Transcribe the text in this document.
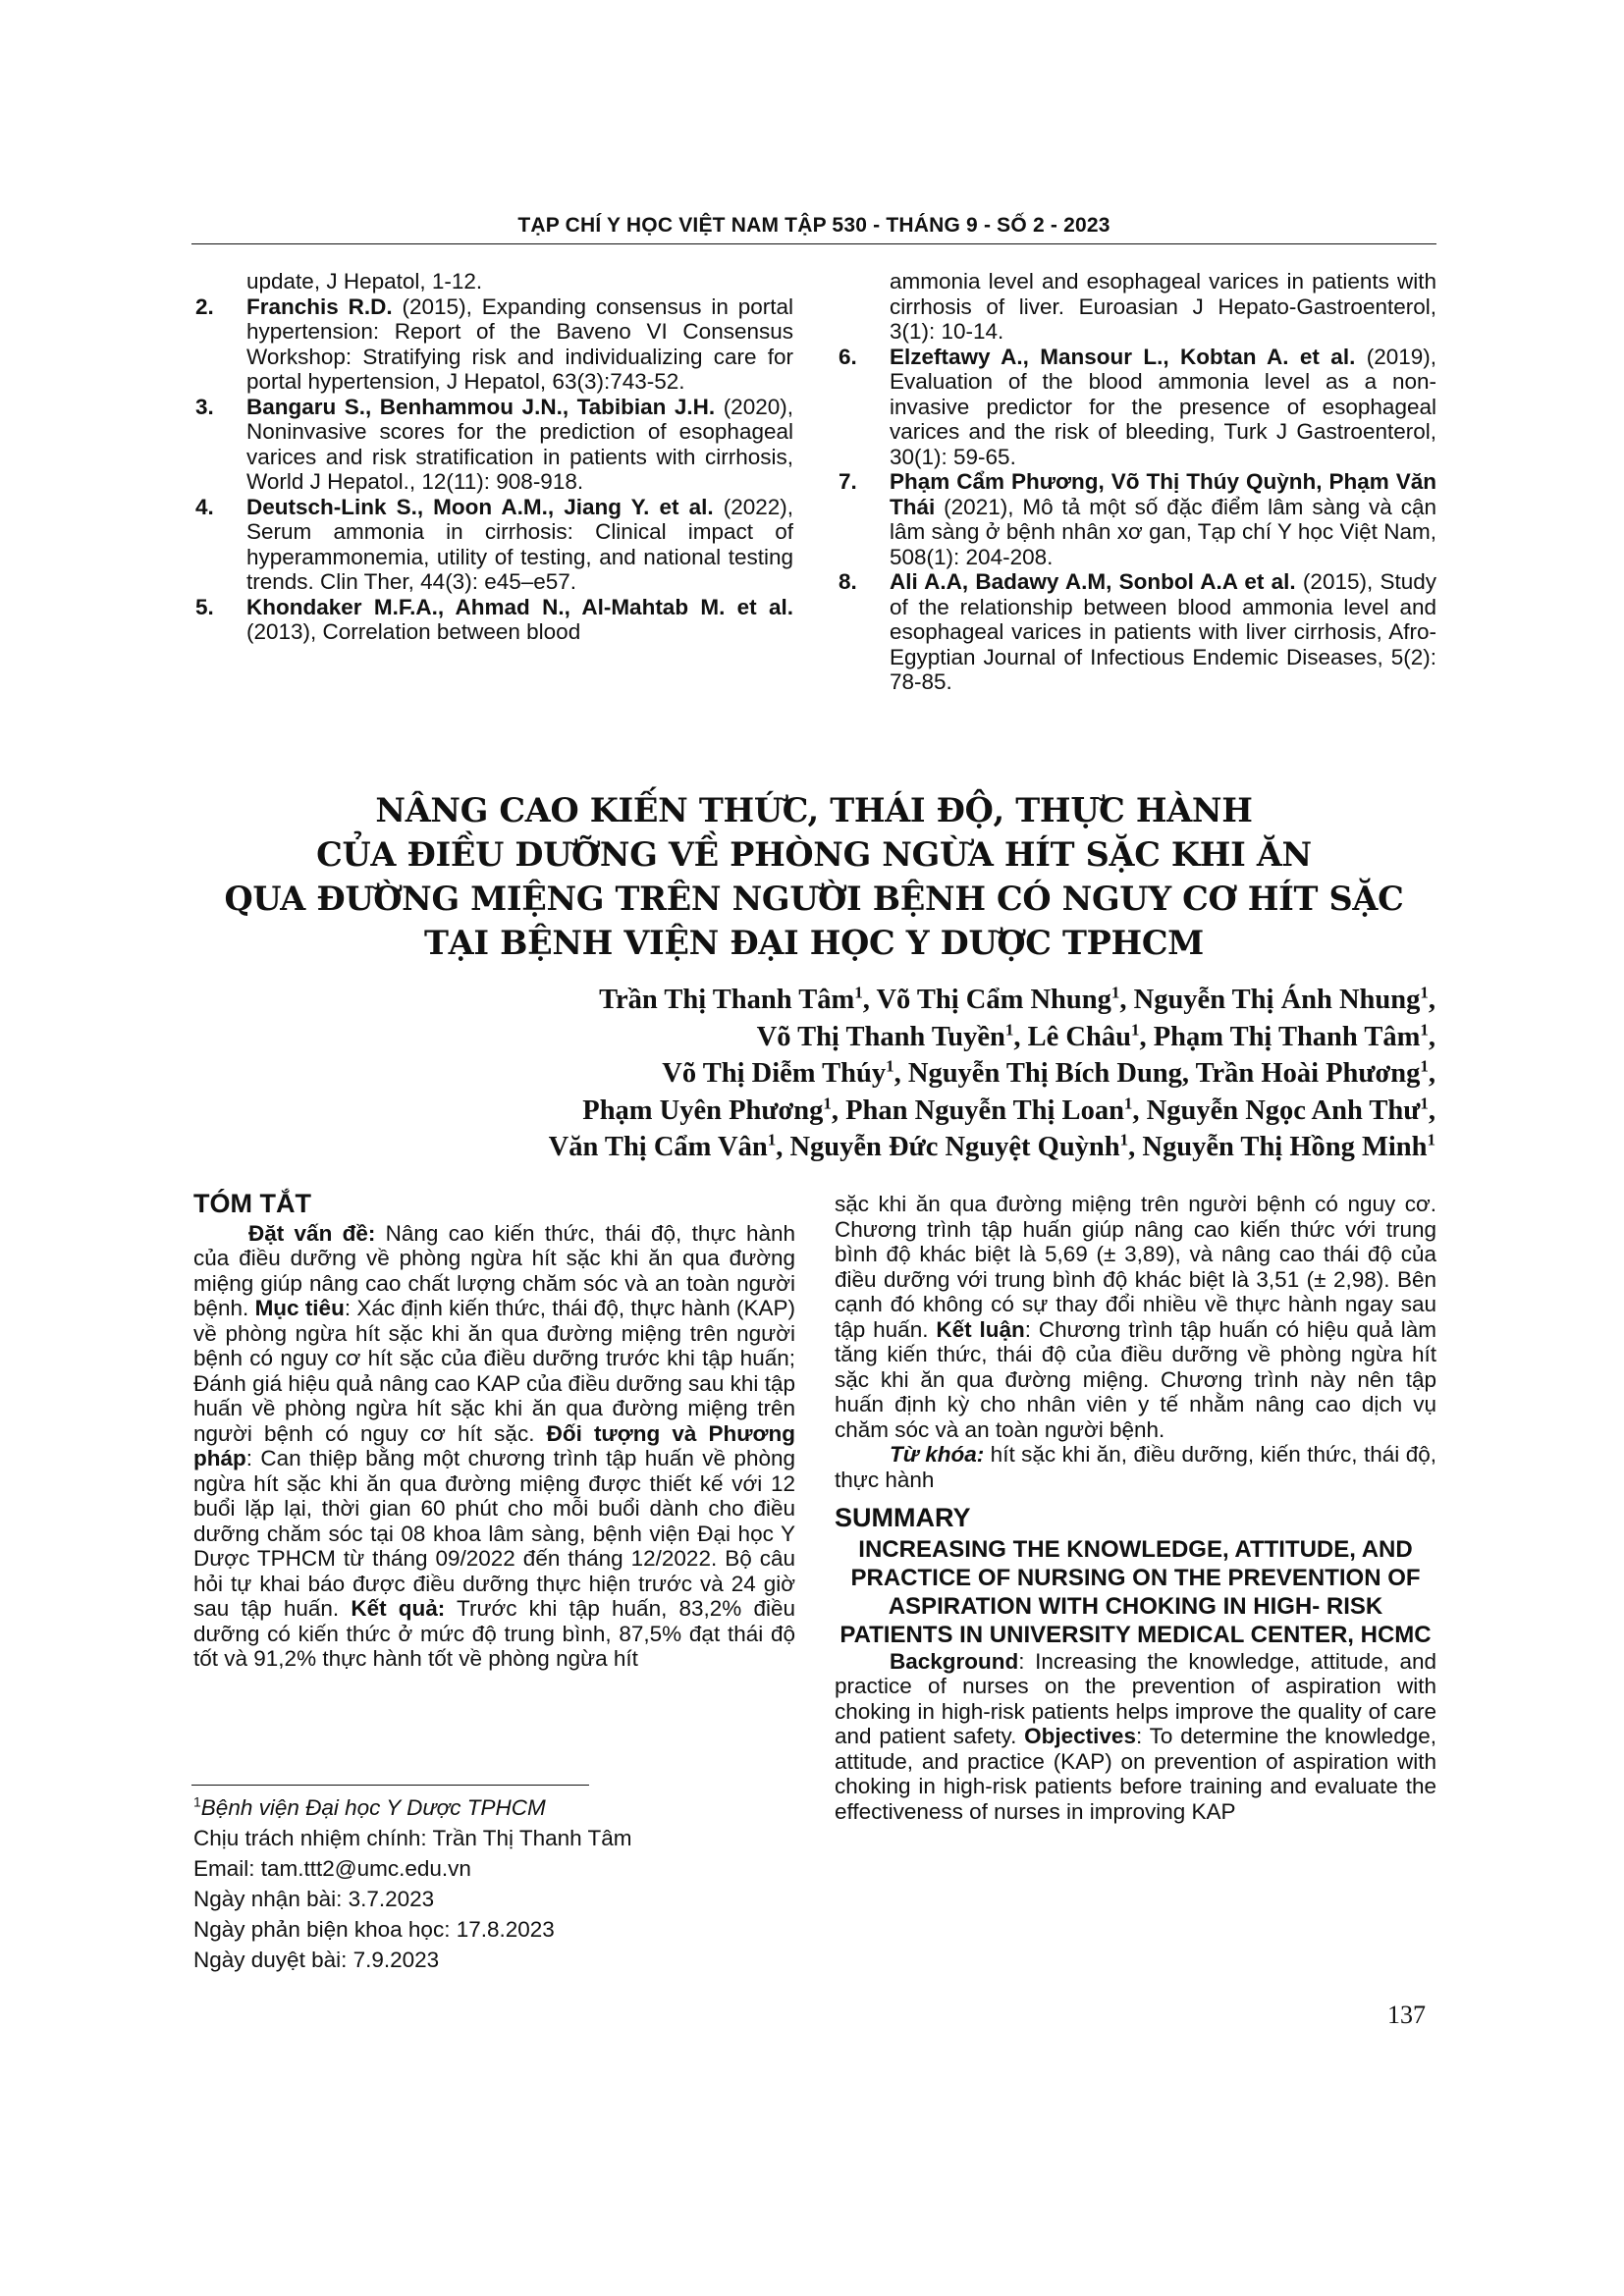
TẠP CHÍ Y HỌC VIỆT NAM TẬP 530 - THÁNG 9 - SỐ 2 - 2023
update, J Hepatol, 1-12.
2. Franchis R.D. (2015), Expanding consensus in portal hypertension: Report of the Baveno VI Consensus Workshop: Stratifying risk and individualizing care for portal hypertension, J Hepatol, 63(3):743-52.
3. Bangaru S., Benhammou J.N., Tabibian J.H. (2020), Noninvasive scores for the prediction of esophageal varices and risk stratification in patients with cirrhosis, World J Hepatol., 12(11): 908-918.
4. Deutsch-Link S., Moon A.M., Jiang Y. et al. (2022), Serum ammonia in cirrhosis: Clinical impact of hyperammonemia, utility of testing, and national testing trends. Clin Ther, 44(3): e45–e57.
5. Khondaker M.F.A., Ahmad N., Al-Mahtab M. et al. (2013), Correlation between blood
ammonia level and esophageal varices in patients with cirrhosis of liver. Euroasian J Hepato-Gastroenterol, 3(1): 10-14.
6. Elzeftawy A., Mansour L., Kobtan A. et al. (2019), Evaluation of the blood ammonia level as a non-invasive predictor for the presence of esophageal varices and the risk of bleeding, Turk J Gastroenterol, 30(1): 59-65.
7. Phạm Cẩm Phương, Võ Thị Thúy Quỳnh, Phạm Văn Thái (2021), Mô tả một số đặc điểm lâm sàng và cận lâm sàng ở bệnh nhân xơ gan, Tạp chí Y học Việt Nam, 508(1): 204-208.
8. Ali A.A, Badawy A.M, Sonbol A.A et al. (2015), Study of the relationship between blood ammonia level and esophageal varices in patients with liver cirrhosis, Afro-Egyptian Journal of Infectious Endemic Diseases, 5(2): 78-85.
NÂNG CAO KIẾN THỨC, THÁI ĐỘ, THỰC HÀNH
CỦA ĐIỀU DƯỠNG VỀ PHÒNG NGỪA HÍT SẶC KHI ĂN
QUA ĐƯỜNG MIỆNG TRÊN NGƯỜI BỆNH CÓ NGUY CƠ HÍT SẶC
TẠI BỆNH VIỆN ĐẠI HỌC Y DƯỢC TPHCM
Trần Thị Thanh Tâm$^1$, Võ Thị Cẩm Nhung$^1$, Nguyễn Thị Ánh Nhung$^1$,
Võ Thị Thanh Tuyền$^1$, Lê Châu$^1$, Phạm Thị Thanh Tâm$^1$,
Võ Thị Diễm Thúy$^1$, Nguyễn Thị Bích Dung, Trần Hoài Phương$^1$,
Phạm Uyên Phương$^1$, Phan Nguyễn Thị Loan$^1$, Nguyễn Ngọc Anh Thư$^1$,
Văn Thị Cẩm Vân$^1$, Nguyễn Đức Nguyệt Quỳnh$^1$, Nguyễn Thị Hồng Minh$^1$
TÓM TẮT

Đặt vấn đề: Nâng cao kiến thức, thái độ, thực hành của điều dưỡng về phòng ngừa hít sặc khi ăn qua đường miệng giúp nâng cao chất lượng chăm sóc và an toàn người bệnh. Mục tiêu: Xác định kiến thức, thái độ, thực hành (KAP) về phòng ngừa hít sặc khi ăn qua đường miệng trên người bệnh có nguy cơ hít sặc của điều dưỡng trước khi tập huấn; Đánh giá hiệu quả nâng cao KAP của điều dưỡng sau khi tập huấn về phòng ngừa hít sặc khi ăn qua đường miệng trên người bệnh có nguy cơ hít sặc. Đối tượng và Phương pháp: Can thiệp bằng một chương trình tập huấn về phòng ngừa hít sặc khi ăn qua đường miệng được thiết kế với 12 buổi lặp lại, thời gian 60 phút cho mỗi buổi dành cho điều dưỡng chăm sóc tại 08 khoa lâm sàng, bệnh viện Đại học Y Dược TPHCM từ tháng 09/2022 đến tháng 12/2022. Bộ câu hỏi tự khai báo được điều dưỡng thực hiện trước và 24 giờ sau tập huấn. Kết quả: Trước khi tập huấn, 83,2% điều dưỡng có kiến thức ở mức độ trung bình, 87,5% đạt thái độ tốt và 91,2% thực hành tốt về phòng ngừa hít

sặc khi ăn qua đường miệng trên người bệnh có nguy cơ. Chương trình tập huấn giúp nâng cao kiến thức với trung bình độ khác biệt là 5,69 (± 3,89), và nâng cao thái độ của điều dưỡng với trung bình độ khác biệt là 3,51 (± 2,98). Bên cạnh đó không có sự thay đổi nhiều về thực hành ngay sau tập huấn. Kết luận: Chương trình tập huấn có hiệu quả làm tăng kiến thức, thái độ của điều dưỡng về phòng ngừa hít sặc khi ăn qua đường miệng. Chương trình này nên tập huấn định kỳ cho nhân viên y tế nhằm nâng cao dịch vụ chăm sóc và an toàn người bệnh.

Từ khóa: hít sặc khi ăn, điều dưỡng, kiến thức, thái độ, thực hành

SUMMARY

INCREASING THE KNOWLEDGE, ATTITUDE, AND PRACTICE OF NURSING ON THE PREVENTION OF ASPIRATION WITH CHOKING IN HIGH- RISK PATIENTS IN UNIVERSITY MEDICAL CENTER, HCMC

Background: Increasing the knowledge, attitude, and practice of nurses on the prevention of aspiration with choking in high-risk patients helps improve the quality of care and patient safety. Objectives: To determine the knowledge, attitude, and practice (KAP) on prevention of aspiration with choking in high-risk patients before training and evaluate the effectiveness of nurses in improving KAP

$^1$Bệnh viện Đại học Y Dược TPHCM
Chịu trách nhiệm chính: Trần Thị Thanh Tâm
Email: tam.ttt2@umc.edu.vn
Ngày nhận bài: 3.7.2023
Ngày phản biện khoa học: 17.8.2023
Ngày duyệt bài: 7.9.2023
137
